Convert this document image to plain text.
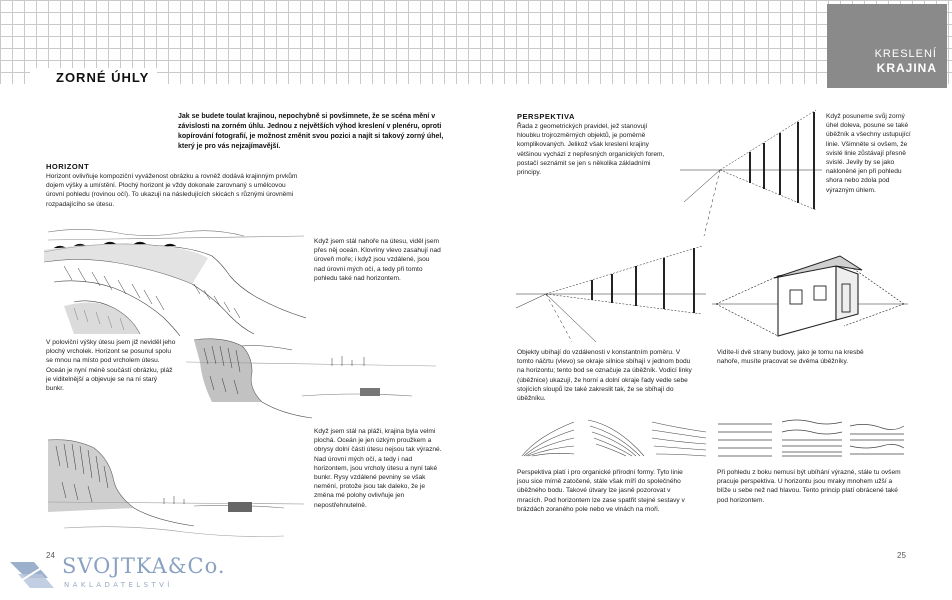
KRESLENÍ
KRAJINA
ZORNÉ ÚHLY
Jak se budete toulat krajinou, nepochybně si povšimnete, že se scéna mění v závislosti na zorném úhlu. Jednou z největších výhod kreslení v plenéru, oproti kopírování fotografií, je možnost změnit svou pozici a najít si takový zorný úhel, který je pro vás nejzajímavější.
HORIZONT
Horizont ovlivňuje kompoziční vyváženost obrázku a rovněž dodává krajinným prvkům dojem výšky a umístění. Plochý horizont je vždy dokonale zarovnaný s umělcovou úrovní pohledu (rovinou očí). To ukazuji na následujících skicách s různými úrovněmi rozpadajícího se útesu.
Když jsem stál nahoře na útesu, viděl jsem přes něj oceán. Klovriny vlevo zasahují nad úroveň moře; i když jsou vzdálené, jsou nad úrovní mých očí, a tedy při tomto pohledu také nad horizontem.
V poloviční výšky útesu jsem již neviděl jeho plochý vrcholek. Horizont se posunul spolu se mnou na místo pod vrcholem útesu. Oceán je nyní méně součástí obrázku, pláž je viditelnější a objevuje se na ní starý bunkr.
Když jsem stál na pláži, krajina byla velmi plochá. Oceán je jen úzkým proužkem a obrysy dolní části útesu nejsou tak výrazné. Nad úrovní mých očí, a tedy i nad horizontem, jsou vrcholy útesu a nyní také bunkr. Rysy vzdálené pevniny se však nemění, protože jsou tak daleko, že je změna mé polohy ovlivňuje jen nepostřehnutelně.
24 SVOJTKA&Co.
NAKLADATELSTVÍ
PERSPEKTIVA
Řada z geometrických pravidel, jež stanovují hloubku trojrozměrných objektů, je poměrně komplikovaných. Jelikož však kreslení krajiny většinou vychází z nepřesných organických forem, postačí seznámit se jen s několika základními principy.
Když posuneme svůj zorný úhel doleva, posune se také úběžník a všechny ustupující linie. Všimněte si ovšem, že svislé linie zůstávají přesně svislé. Jevily by se jako nakloněné jen při pohledu shora nebo zdola pod výrazným úhlem.
Objekty ubíhají do vzdálenosti v konstantním poměru. V tomto náčrtu (vlevo) se okraje silnice sbíhají v jednom bodu na horizontu; tento bod se označuje za úběžník. Vodicí linky (úběžnice) ukazují, že horní a dolní okraje řady vedle sebe stojících sloupů lze také zakreslit tak, že se sbíhají do úběžníku.
Vidíte-li dvě strany budovy, jako je tomu na kresbě nahoře, musíte pracovat se dvěma úběžníky.
Perspektiva platí i pro organické přírodní formy. Tyto linie jsou sice mírně zatočené, stále však míří do společného úběžného bodu. Takové útvary lze jasně pozorovat v mracích. Pod horizontem lze zase spatřit stejné sestavy v brázdách zoraného pole nebo ve vlnách na moři.
Při pohledu z boku nemusí být ubíhání výrazné, stále tu ovšem pracuje perspektiva. U horizontu jsou mraky mnohem užší a blíže u sebe než nad hlavou. Tento princip platí obrácené také pod horizontem.
25
